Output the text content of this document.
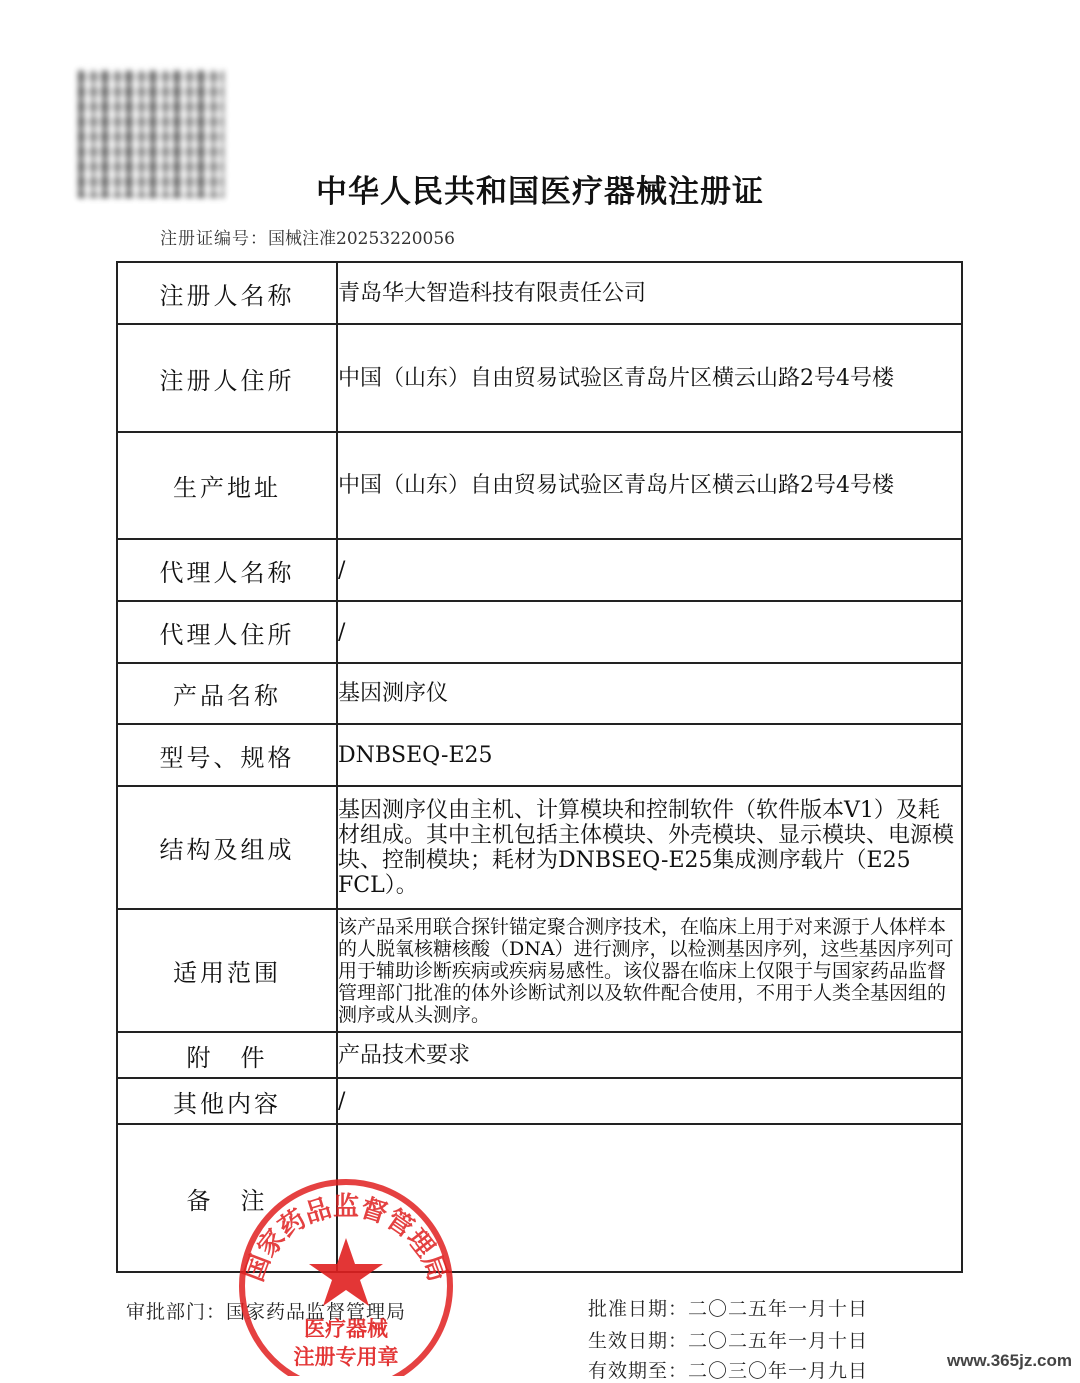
中华人民共和国医疗器械注册证
注册证编号：国械注准20253220056
注册人名称	青岛华大智造科技有限责任公司
注册人住所	中国（山东）自由贸易试验区青岛片区横云山路2号4号楼
生产地址	中国（山东）自由贸易试验区青岛片区横云山路2号4号楼
代理人名称	/
代理人住所	/
产品名称	基因测序仪
型号、规格	DNBSEQ-E25
结构及组成	基因测序仪由主机、计算模块和控制软件（软件版本V1）及耗材组成。其中主机包括主体模块、外壳模块、显示模块、电源模块、控制模块；耗材为DNBSEQ-E25集成测序载片（E25 FCL）。
适用范围	该产品采用联合探针锚定聚合测序技术，在临床上用于对来源于人体样本的人脱氧核糖核酸（DNA）进行测序，以检测基因序列，这些基因序列可用于辅助诊断疾病或疾病易感性。该仪器在临床上仅限于与国家药品监督管理部门批准的体外诊断试剂以及软件配合使用，不用于人类全基因组的测序或从头测序。
附　件	产品技术要求
其他内容	/
备　注	
审批部门：国家药品监督管理局	批准日期：二〇二五年一月十日
生效日期：二〇二五年一月十日
有效期至：二〇三〇年一月九日
国家药品监督管理局
医疗器械
注册专用章	www.365jz.com
